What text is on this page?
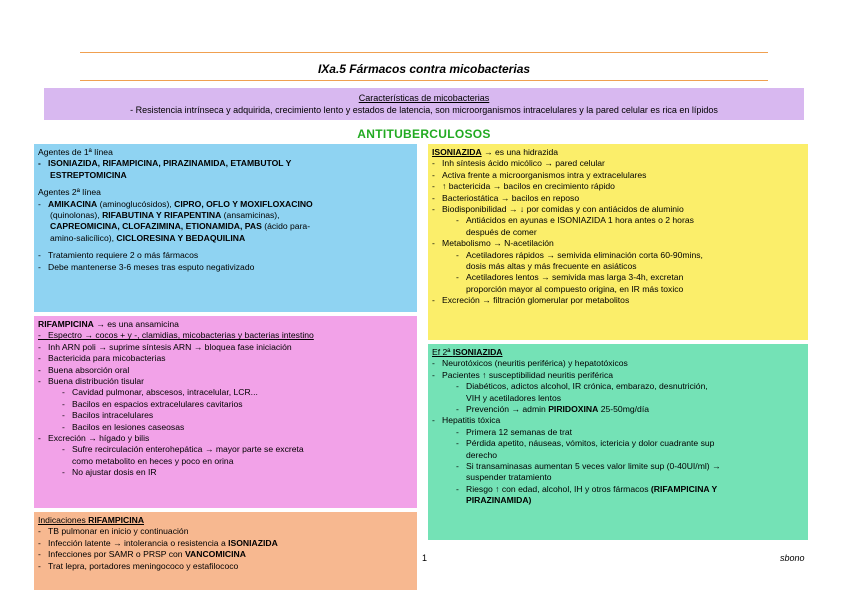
IXa.5 Fármacos contra micobacterias
Características de micobacterias
- Resistencia intrínseca y adquirida, crecimiento lento y estados de latencia, son microorganismos intracelulares y la pared celular es rica en lípidos
ANTITUBERCULOSOS
Agentes de 1ª línea
-   ISONIAZIDA, RIFAMPICINA, PIRAZINAMIDA, ETAMBUTOL Y
ESTREPTOMICINA
Agentes 2ª línea
-   AMIKACINA (aminoglucósidos), CIPRO, OFLO Y MOXIFLOXACINO
(quinolonas), RIFABUTINA Y RIFAPENTINA (ansamicinas),
CAPREOMICINA, CLOFAZIMINA, ETIONAMIDA, PAS (ácido para-
amino-salicílico), CICLORESINA Y BEDAQUILINA
-   Tratamiento requiere 2 o más fármacos
-   Debe mantenerse 3-6 meses tras esputo negativizado
ISONIAZIDA → es una hidrazida
-   Inh síntesis ácido micólico → pared celular
-   Activa frente a microorganismos intra y extracelulares
-   ↑ bactericida → bacilos en crecimiento rápido
-   Bacteriostática → bacilos en reposo
-   Biodisponibilidad → ↓ por comidas y con antiácidos de aluminio
-   Antiácidos en ayunas e ISONIAZIDA 1 hora antes o 2 horas
después de comer
-   Metabolismo → N-acetilación
-   Acetiladores rápidos → semivida eliminación corta 60-90mins,
dosis más altas y más frecuente en asiáticos
-   Acetiladores lentos → semivida mas larga 3-4h, excretan
proporción mayor al compuesto origina, en IR más toxico
-   Excreción → filtración glomerular por metabolitos
RIFAMPICINA → es una ansamicina
-   Espectro → cocos + y -, clamidias, micobacterias y bacterias intestino
-   Inh ARN poli → suprime síntesis ARN → bloquea fase iniciación
-   Bactericida para micobacterias
-   Buena absorción oral
-   Buena distribución tisular
-   Cavidad pulmonar, abscesos, intracelular, LCR...
-   Bacilos en espacios extracelulares cavitarios
-   Bacilos intracelulares
-   Bacilos en lesiones caseosas
-   Excreción → hígado y bilis
-   Sufre recirculación enterohepática → mayor parte se excreta
como metabolito en heces y poco en orina
-   No ajustar dosis en IR
Ef 2ª ISONIAZIDA
-   Neurotóxicos (neuritis periférica) y hepatotóxicos
-   Pacientes ↑ susceptibilidad neuritis periférica
-   Diabéticos, adictos alcohol, IR crónica, embarazo, desnutrición,
VIH y acetiladores lentos
-   Prevención → admin PIRIDOXINA 25-50mg/día
-   Hepatitis tóxica
-   Primera 12 semanas de trat
-   Pérdida apetito, náuseas, vómitos, ictericia y dolor cuadrante sup
derecho
-   Si transaminasas aumentan 5 veces valor limite sup (0-40UI/ml) →
suspender tratamiento
-   Riesgo ↑ con edad, alcohol, IH y otros fármacos (RIFAMPICINA Y
PIRAZINAMIDA)
Indicaciones RIFAMPICINA
-   TB pulmonar en inicio y continuación
-   Infección latente → intolerancia o resistencia a ISONIAZIDA
-   Infecciones por SAMR o PRSP con VANCOMICINA
-   Trat lepra, portadores meningococo y estafilococo
1	sbono
